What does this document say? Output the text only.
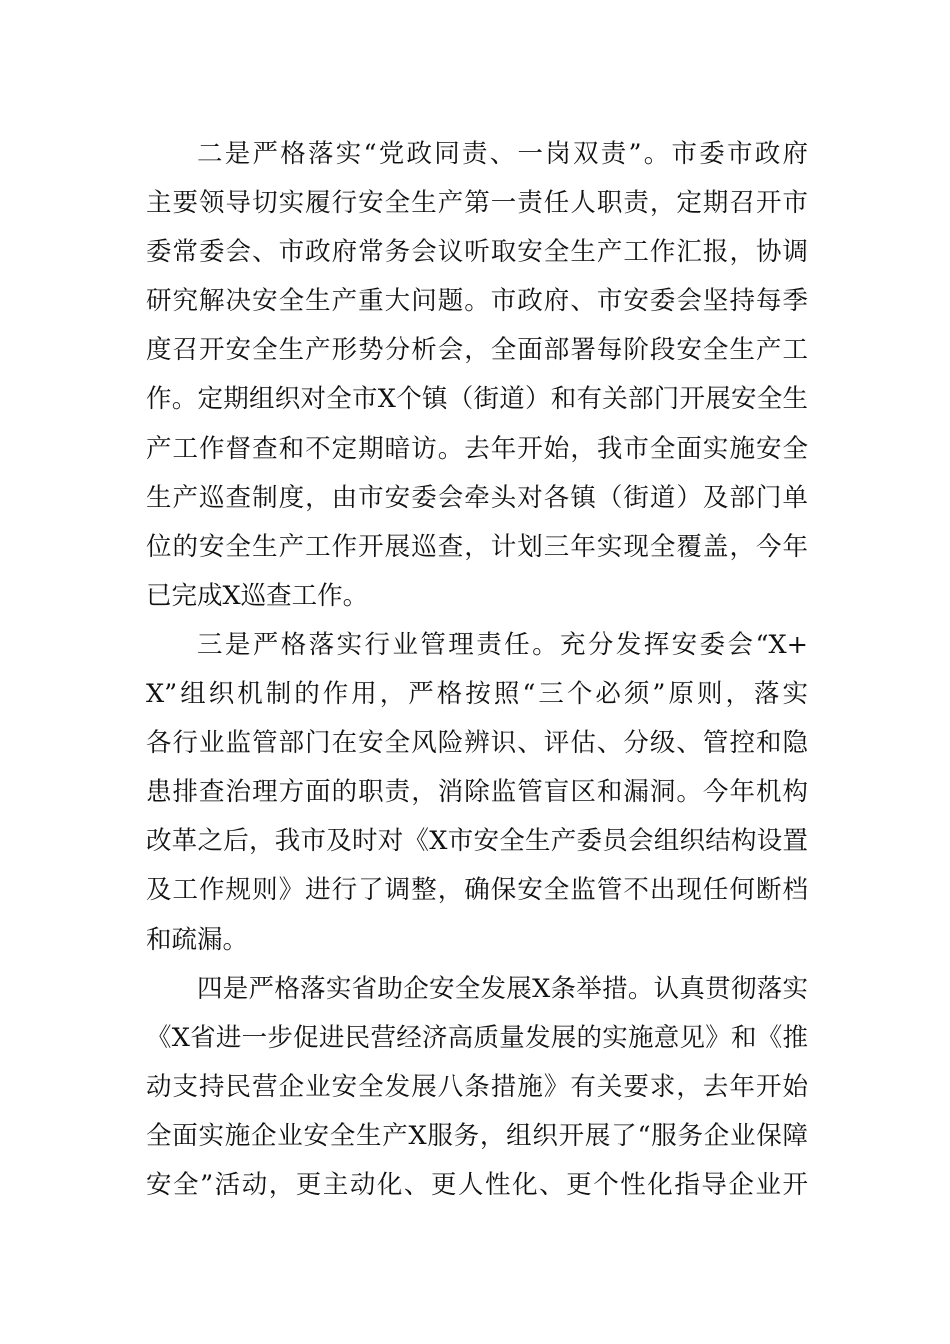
二是严格落实“党政同责、一岗双责”。市委市政府
主要领导切实履行安全生产第一责任人职责，定期召开市
委常委会、市政府常务会议听取安全生产工作汇报，协调
研究解决安全生产重大问题。市政府、市安委会坚持每季
度召开安全生产形势分析会，全面部署每阶段安全生产工
作。定期组织对全市X个镇（街道）和有关部门开展安全生
产工作督查和不定期暗访。去年开始，我市全面实施安全
生产巡查制度，由市安委会牵头对各镇（街道）及部门单
位的安全生产工作开展巡查，计划三年实现全覆盖，今年
已完成X巡查工作。
三是严格落实行业管理责任。充分发挥安委会“X+
X”组织机制的作用，严格按照“三个必须”原则，落实
各行业监管部门在安全风险辨识、评估、分级、管控和隐
患排查治理方面的职责，消除监管盲区和漏洞。今年机构
改革之后，我市及时对《X市安全生产委员会组织结构设置
及工作规则》进行了调整，确保安全监管不出现任何断档
和疏漏。
四是严格落实省助企安全发展X条举措。认真贯彻落实
《X省进一步促进民营经济高质量发展的实施意见》和《推
动支持民营企业安全发展八条措施》有关要求，去年开始
全面实施企业安全生产X服务，组织开展了“服务企业保障
安全”活动，更主动化、更人性化、更个性化指导企业开
